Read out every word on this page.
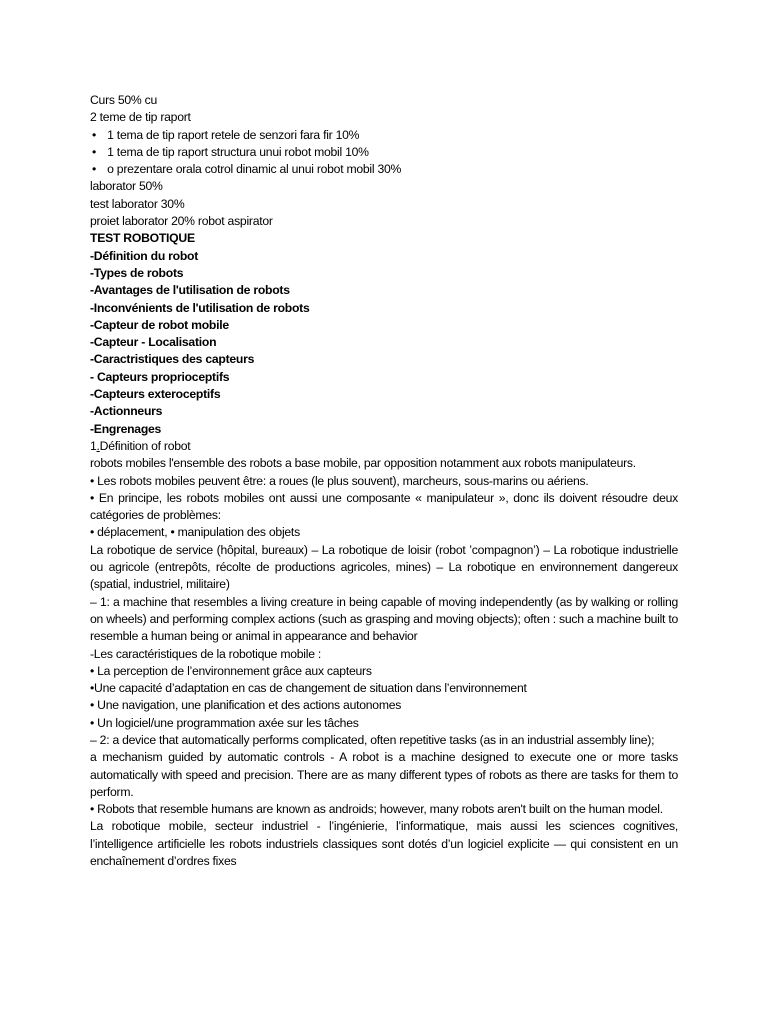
Curs 50% cu
2 teme de tip raport
• 1 tema de tip raport retele de senzori fara fir 10%
• 1 tema de tip raport structura unui robot mobil 10%
• o prezentare orala cotrol dinamic al unui robot mobil 30%
laborator 50%
test laborator 30%
proiet laborator 20% robot aspirator
TEST ROBOTIQUE
-Définition du robot
-Types de robots
-Avantages de l'utilisation de robots
-Inconvénients de l'utilisation de robots
-Capteur de robot mobile
-Capteur - Localisation
-Caractristiques des capteurs
- Capteurs proprioceptifs
-Capteurs exteroceptifs
-Actionneurs
-Engrenages
1.Définition of robot
robots mobiles l'ensemble des robots a base mobile, par opposition notamment aux robots manipulateurs.
• Les robots mobiles peuvent être: a roues (le plus souvent), marcheurs, sous-marins ou aériens.
• En principe, les robots mobiles ont aussi une composante « manipulateur », donc ils doivent résoudre deux catégories de problèmes:
• déplacement, • manipulation des objets
La robotique de service (hôpital, bureaux) – La robotique de loisir (robot ’compagnon’) – La robotique industrielle ou agricole (entrepôts, récolte de productions agricoles, mines) – La robotique en environnement dangereux (spatial, industriel, militaire)
– 1: a machine that resembles a living creature in being capable of moving independently (as by walking or rolling on wheels) and performing complex actions (such as grasping and moving objects); often : such a machine built to resemble a human being or animal in appearance and behavior
-Les caractéristiques de la robotique mobile :
• La perception de l’environnement grâce aux capteurs
•Une capacité d’adaptation en cas de changement de situation dans l’environnement
• Une navigation, une planification et des actions autonomes
• Un logiciel/une programmation axée sur les tâches
– 2: a device that automatically performs complicated, often repetitive tasks (as in an industrial assembly line);
a mechanism guided by automatic controls - A robot is a machine designed to execute one or more tasks automatically with speed and precision. There are as many different types of robots as there are tasks for them to perform.
• Robots that resemble humans are known as androids; however, many robots aren't built on the human model.
La robotique mobile, secteur industriel - l’ingénierie, l’informatique, mais aussi les sciences cognitives, l’intelligence artificielle les robots industriels classiques sont dotés d’un logiciel explicite — qui consistent en un enchaînement d’ordres fixes
